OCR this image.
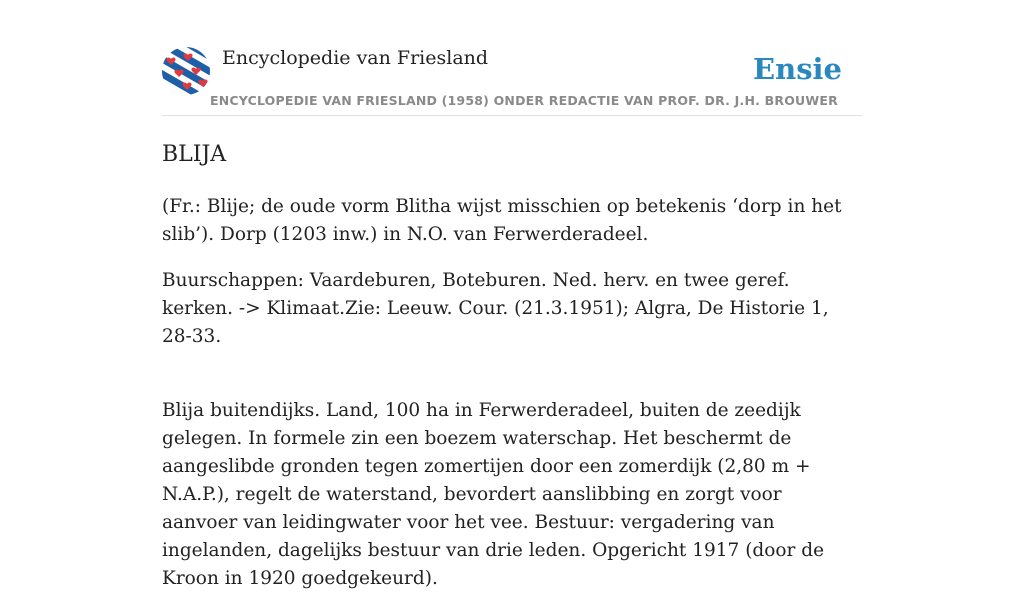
Encyclopedie van Friesland	Ensie
ENCYCLOPEDIE VAN FRIESLAND (1958) ONDER REDACTIE VAN PROF. DR. J.H. BROUWER
BLIJA

(Fr.: Blije; de oude vorm Blitha wijst misschien op betekenis ‘dorp in het slib’). Dorp (1203 inw.) in N.O. van Ferwerderadeel.

Buurschappen: Vaardeburen, Boteburen. Ned. herv. en twee geref. kerken. -> Klimaat.Zie: Leeuw. Cour. (21.3.1951); Algra, De Historie 1, 28-33.

Blija buitendijks. Land, 100 ha in Ferwerderadeel, buiten de zeedijk gelegen. In formele zin een boezem waterschap. Het beschermt de aangeslibde gronden tegen zomertijen door een zomerdijk (2,80 m + N.A.P.), regelt de waterstand, bevordert aanslibbing en zorgt voor aanvoer van leidingwater voor het vee. Bestuur: vergadering van ingelanden, dagelijks bestuur van drie leden. Opgericht 1917 (door de Kroon in 1920 goedgekeurd).
